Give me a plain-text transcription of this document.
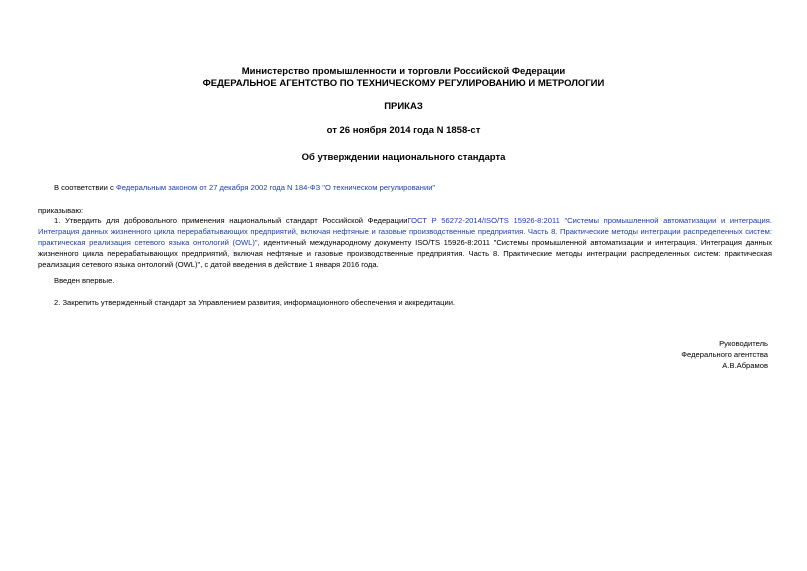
Министерство промышленности и торговли Российской Федерации
ФЕДЕРАЛЬНОЕ АГЕНТСТВО ПО ТЕХНИЧЕСКОМУ РЕГУЛИРОВАНИЮ И МЕТРОЛОГИИ
ПРИКАЗ
от 26 ноября 2014 года N 1858-ст
Об утверждении национального стандарта
В соответствии с Федеральным законом от 27 декабря 2002 года N 184-ФЗ "О техническом регулировании"
приказываю:
1. Утвердить для добровольного применения национальный стандарт Российской ФедерацииГОСТ Р 56272-2014/ISO/TS 15926-8:2011 "Системы промышленной автоматизации и интеграция. Интеграция данных жизненного цикла перерабатывающих предприятий, включая нефтяные и газовые производственные предприятия. Часть 8. Практические методы интеграции распределенных систем: практическая реализация сетевого языка онтологий (OWL)", идентичный международному документу ISO/TS 15926-8:2011 "Системы промышленной автоматизации и интеграция. Интеграция данных жизненного цикла перерабатывающих предприятий, включая нефтяные и газовые производственные предприятия. Часть 8. Практические методы интеграции распределенных систем: практическая реализация сетевого языка онтологий (OWL)", с датой введения в действие 1 января 2016 года.
Введен впервые.
2. Закрепить утвержденный стандарт за Управлением развития, информационного обеспечения и аккредитации.
Руководитель
Федерального агентства
А.В.Абрамов
